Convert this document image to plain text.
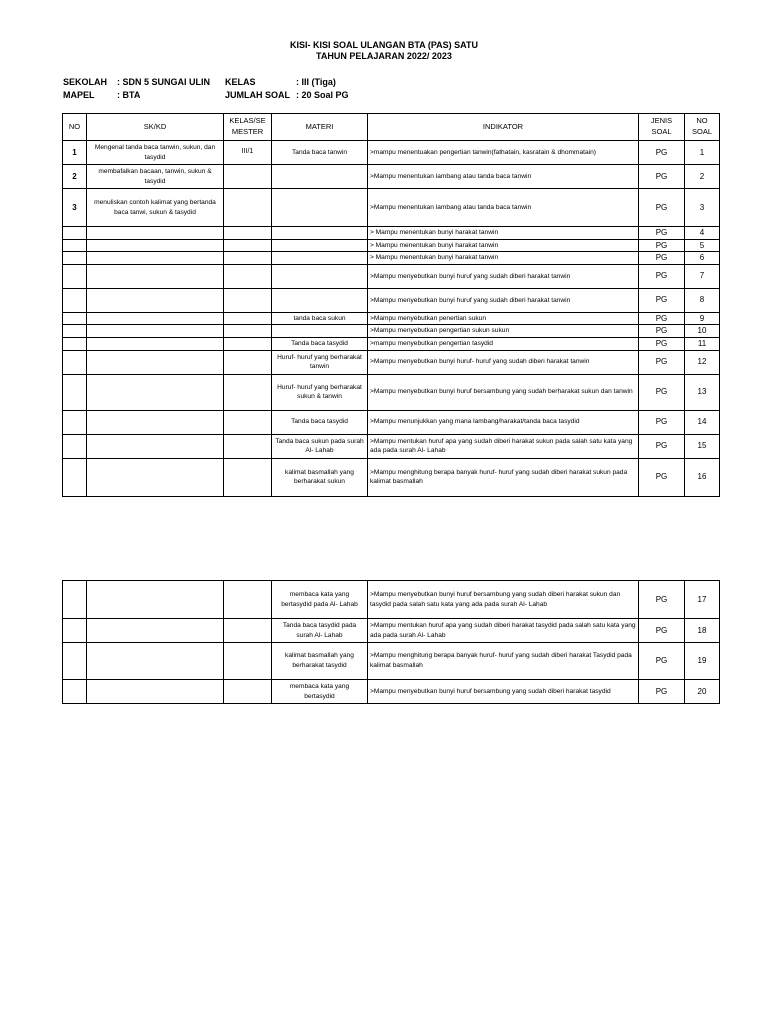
KISI- KISI SOAL ULANGAN BTA (PAS) SATU
TAHUN PELAJARAN 2022/ 2023
SEKOLAH : SDN 5 SUNGAI ULIN KELAS	: III (Tiga)
MAPEL	: BTA	JUMLAH SOAL : 20 Soal PG
NO	SK/KD	KELAS/SE MESTER	MATERI	INDIKATOR	JENIS SOAL	NO SOAL
1	Mengenal tanda baca tanwin, sukun, dan tasydid	III/1	Tanda baca tanwin	>mampu menentuakan pengertian tanwin(fathatain, kasratain & dhommatain)	PG	1
2	membafalkan bacaan, tanwin, sukun & tasydid			>Mampu menentukan lambang atau tanda baca tanwin	PG	2
3	menuliskan contoh kalimat yang bertanda baca tanwi, sukun & tasydid			>Mampu menentukan lambang atau tanda baca tanwin	PG	3
				> Mampu menentukan bunyi harakat tanwin	PG	4
				> Mampu menentukan bunyi harakat tanwin	PG	5
				> Mampu menentukan bunyi harakat tanwin	PG	6
				>Mampu menyebutkan bunyi huruf yang sudah diberi harakat tanwin	PG	7
				>Mampu menyebutkan bunyi huruf yang sudah diberi harakat tanwin	PG	8
			tanda baca sukun	>Mampu menyebutkan penertian sukun	PG	9
				>Mampu menyebutkan pengertian sukun sukun	PG	10
			Tanda baca tasydid	>mampu menyebutkan pengertian tasydid	PG	11
			Huruf- huruf yang berharakat tanwin	>Mampu menyebutkan bunyi huruf- huruf yang sudah diberi harakat tanwin	PG	12
			Huruf- huruf yang berharakat sukun & tanwin	>Mampu menyebutkan bunyi huruf bersambung yang sudah berharakat sukun dan tanwin	PG	13
			Tanda baca tasydid	>Mampu menunjukkan yang mana lambang/harakat/tanda baca tasydid	PG	14
			Tanda baca sukun pada surah Al- Lahab	>Mampu mentukan huruf apa yang sudah diberi harakat sukun pada salah satu kata yang ada pada surah Al- Lahab	PG	15
			kalimat basmallah yang berharakat sukun	>Mampu menghitung berapa banyak huruf- huruf yang sudah diberi harakat sukun pada kalimat basmallah	PG	16
			membaca kata yang bertasydid pada Al- Lahab	>Mampu menyebutkan bunyi huruf bersambung yang sudah diberi harakat sukun dan tasydid pada salah satu kata yang ada pada surah Al- Lahab	PG	17
			Tanda baca tasydid pada surah Al- Lahab	>Mampu mentukan huruf apa yang sudah diberi harakat tasydid pada salah satu kata yang ada pada surah Al- Lahab	PG	18
			kalimat basmallah yang berharakat tasydid	>Mampu menghitung berapa banyak huruf- huruf yang sudah diberi harakat Tasydid pada kalimat basmallah	PG	19
			membaca kata yang bertasydid	>Mampu menyebutkan bunyi huruf bersambung yang sudah diberi harakat tasydid	PG	20
